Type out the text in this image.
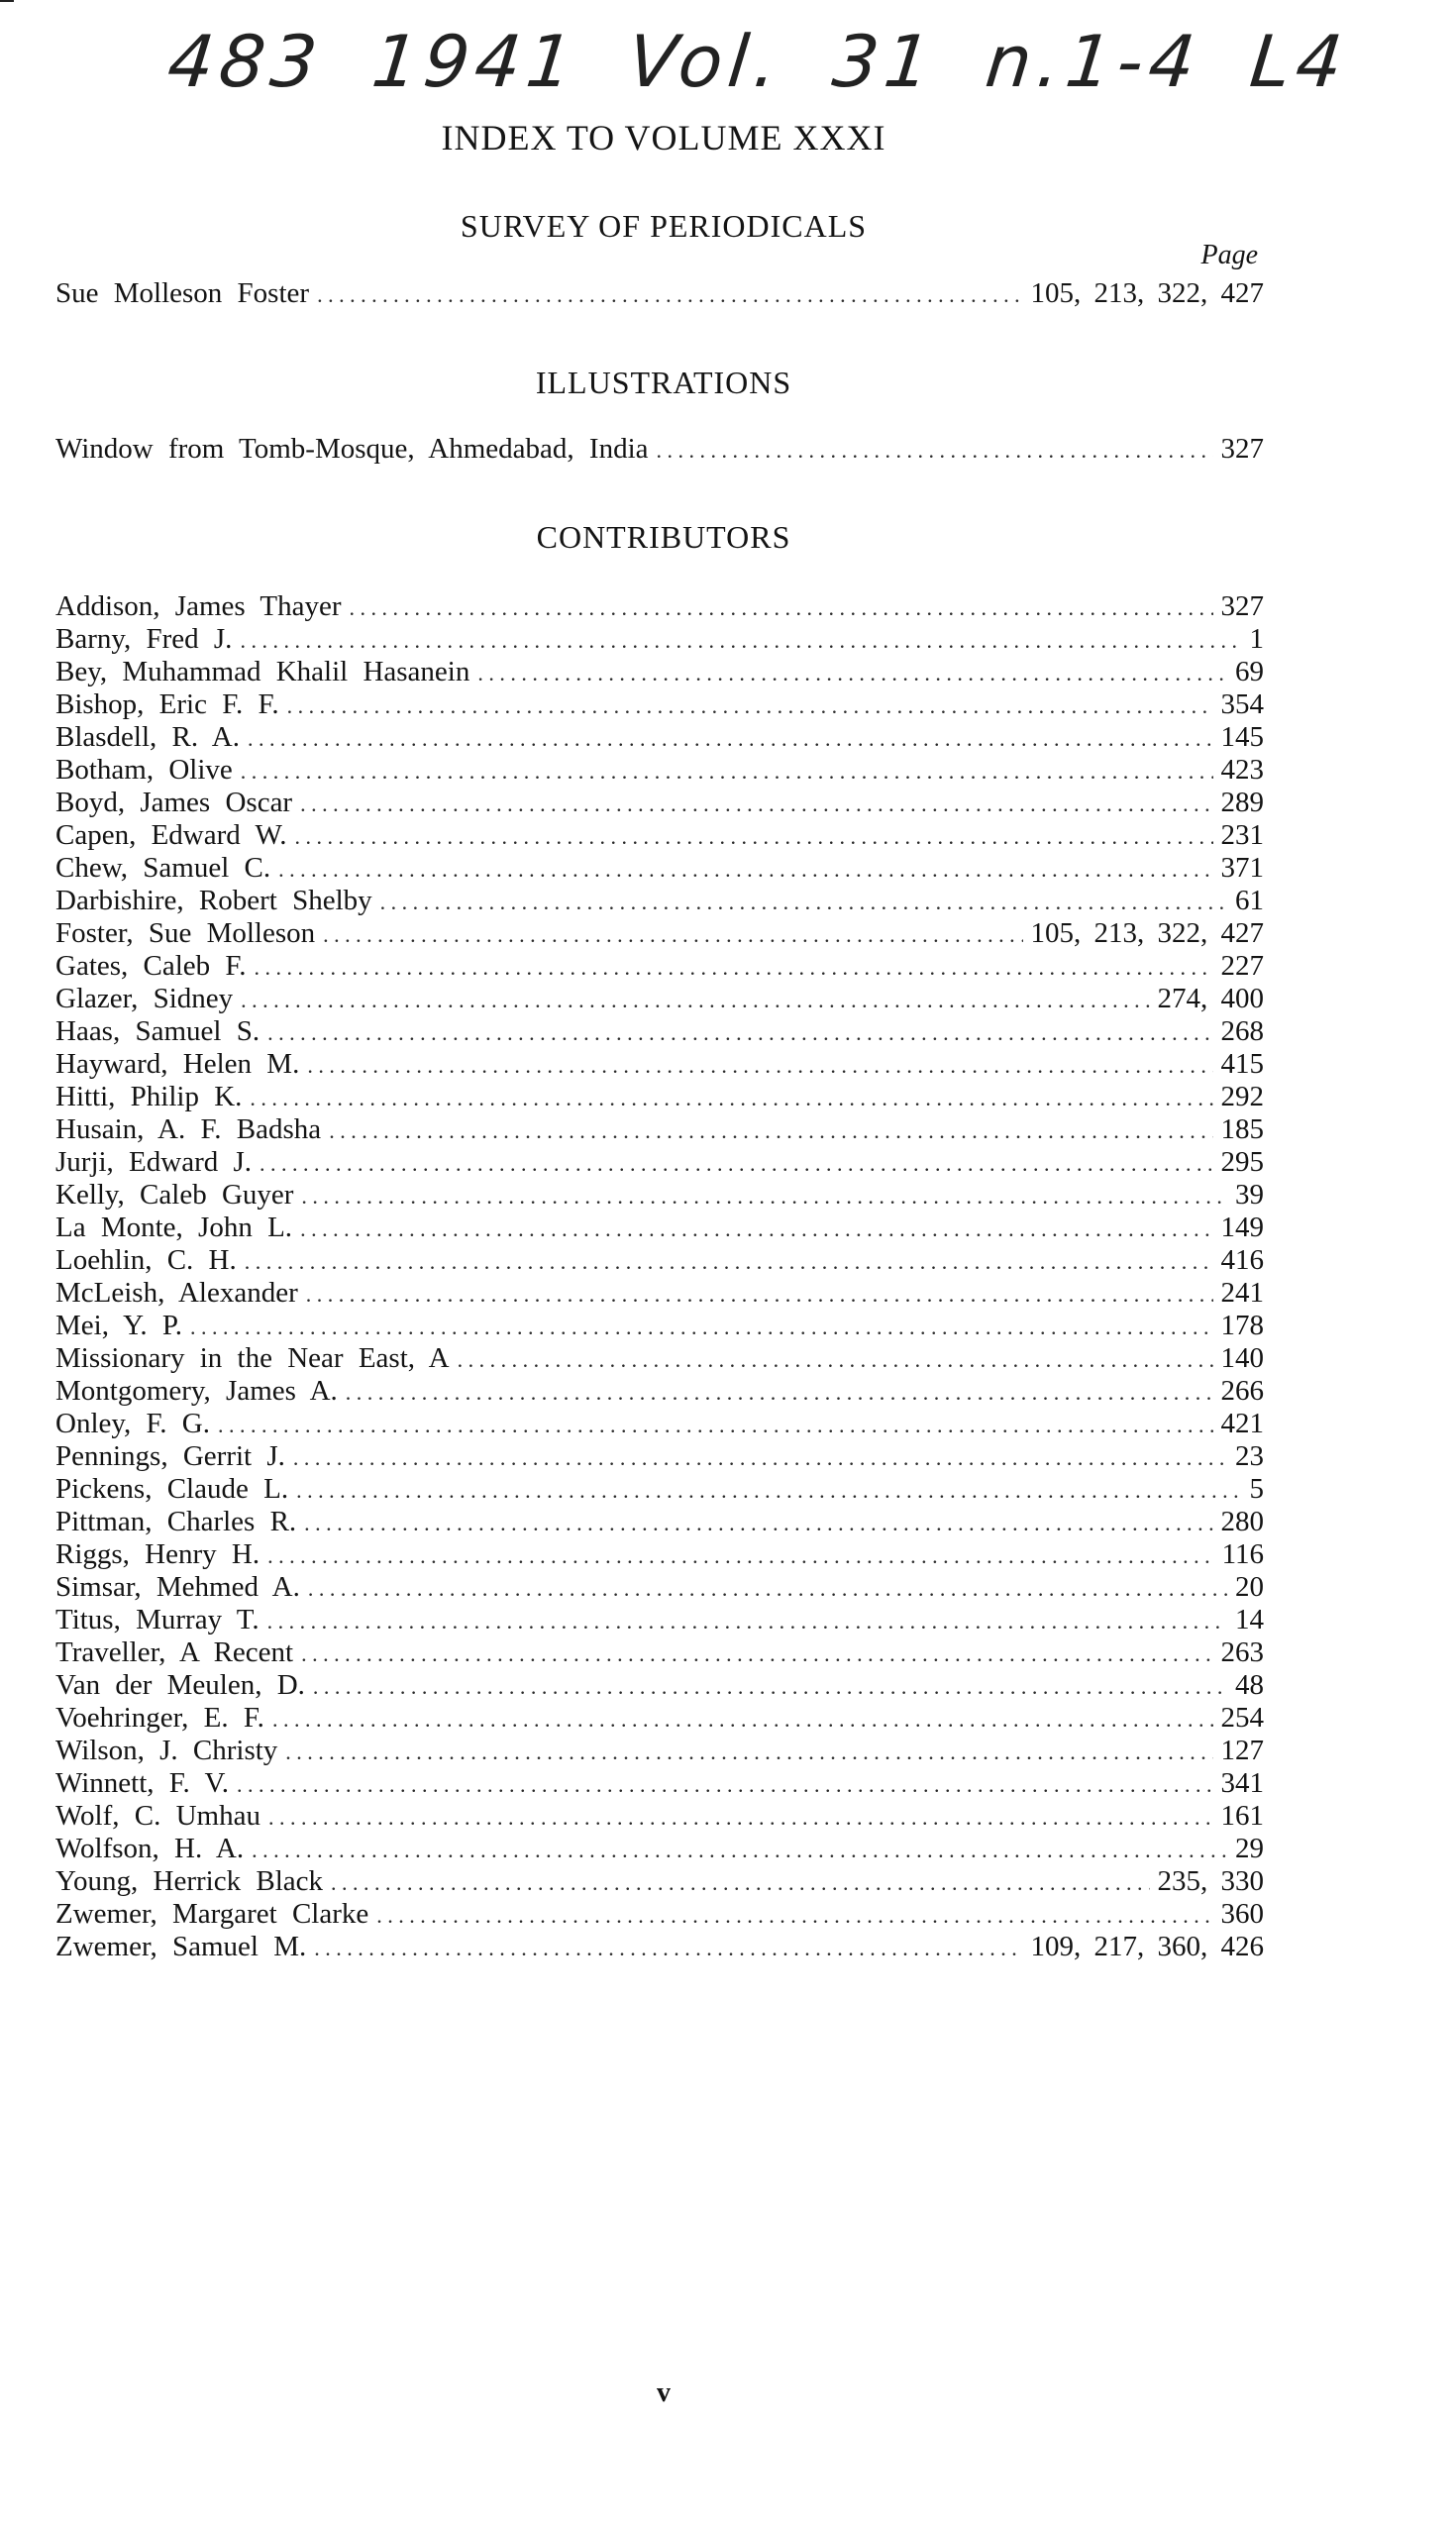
483 1941 Vol. 31 n.1-4 L4
INDEX TO VOLUME XXXI
SURVEY OF PERIODICALS
Page
Sue Molleson Foster . . .	105, 213, 322, 427
ILLUSTRATIONS
Window from Tomb-Mosque, Ahmedabad, India . . .	327
CONTRIBUTORS
Addison, James Thayer . . .	327
Barny, Fred J. . . .	1
Bey, Muhammad Khalil Hasanein . . .	69
Bishop, Eric F. F. . . .	354
Blasdell, R. A. . . .	145
Botham, Olive . . .	423
Boyd, James Oscar . . .	289
Capen, Edward W. . . .	231
Chew, Samuel C. . . .	371
Darbishire, Robert Shelby . . .	61
Foster, Sue Molleson . . .	105, 213, 322, 427
Gates, Caleb F. . . .	227
Glazer, Sidney . . .	274, 400
Haas, Samuel S. . . .	268
Hayward, Helen M. . . .	415
Hitti, Philip K. . . .	292
Husain, A. F. Badsha . . .	185
Jurji, Edward J. . . .	295
Kelly, Caleb Guyer . . .	39
La Monte, John L. . . .	149
Loehlin, C. H. . . .	416
McLeish, Alexander . . .	241
Mei, Y. P. . . .	178
Missionary in the Near East, A . . .	140
Montgomery, James A. . . .	266
Onley, F. G. . . .	421
Pennings, Gerrit J. . . .	23
Pickens, Claude L. . . .	5
Pittman, Charles R. . . .	280
Riggs, Henry H. . . .	116
Simsar, Mehmed A. . . .	20
Titus, Murray T. . . .	14
Traveller, A Recent . . .	263
Van der Meulen, D. . . .	48
Voehringer, E. F. . . .	254
Wilson, J. Christy . . .	127
Winnett, F. V. . . .	341
Wolf, C. Umhau . . .	161
Wolfson, H. A. . . .	29
Young, Herrick Black . . .	235, 330
Zwemer, Margaret Clarke . . .	360
Zwemer, Samuel M. . . .	109, 217, 360, 426
v
